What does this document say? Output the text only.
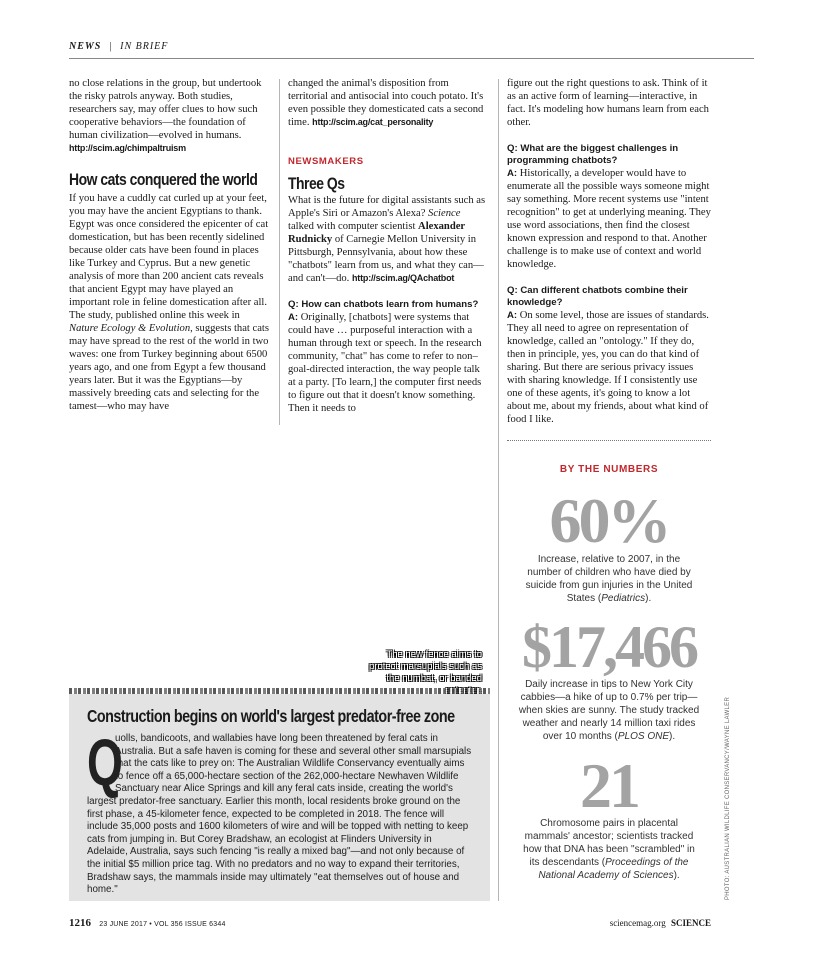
NEWS | IN BRIEF

no close relations in the group, but undertook the risky patrols anyway. Both studies, researchers say, may offer clues to how such cooperative behaviors—the foundation of human civilization—evolved in humans. http://scim.ag/chimpaltruism

How cats conquered the world

If you have a cuddly cat curled up at your feet, you may have the ancient Egyptians to thank. Egypt was once considered the epicenter of cat domestication, but has been recently sidelined because older cats have been found in places like Turkey and Cyprus. But a new genetic analysis of more than 200 ancient cats reveals that ancient Egypt may have played an important role in feline domestication after all. The study, published online this week in Nature Ecology & Evolution, suggests that cats may have spread to the rest of the world in two waves: one from Turkey beginning about 6500 years ago, and one from Egypt a few thousand years later. But it was the Egyptians—by massively breeding cats and selecting for the tamest—who may have

changed the animal's disposition from territorial and antisocial into couch potato. It's even possible they domesticated cats a second time. http://scim.ag/cat_personality

NEWSMAKERS
Three Qs

What is the future for digital assistants such as Apple's Siri or Amazon's Alexa? Science talked with computer scientist Alexander Rudnicky of Carnegie Mellon University in Pittsburgh, Pennsylvania, about how these "chatbots" learn from us, and what they can—and can't—do. http://scim.ag/QAchatbot

Q: How can chatbots learn from humans?

A: Originally, [chatbots] were systems that could have … purposeful interaction with a human through text or speech. In the research community, "chat" has come to refer to non–goal-directed interaction, the way people talk at a party. [To learn,] the computer first needs to figure out that it doesn't know something. Then it needs to

figure out the right questions to ask. Think of it as an active form of learning—interactive, in fact. It's modeling how humans learn from each other.

Q: What are the biggest challenges in programming chatbots?

A: Historically, a developer would have to enumerate all the possible ways someone might say something. More recent systems use "intent recognition" to get at underlying meaning. They use word associations, then find the closest known expression and respond to that. Another challenge is to make use of context and world knowledge.

Q: Can different chatbots combine their knowledge?

A: On some level, those are issues of standards. They all need to agree on representation of knowledge, called an "ontology." If they do, then in principle, yes, you can do that kind of sharing. But there are serious privacy issues with sharing knowledge. If I consistently use one of these agents, it's going to know a lot about me, about my friends, about what kind of food I like.

BY THE NUMBERS
60%
Increase, relative to 2007, in the number of children who have died by suicide from gun injuries in the United States (Pediatrics).
$17,466
Daily increase in tips to New York City cabbies—a hike of up to 0.7% per trip—when skies are sunny. The study tracked weather and nearly 14 million taxi rides over 10 months (PLOS ONE).
21
Chromosome pairs in placental mammals' ancestor; scientists tracked how that DNA has been "scrambled" in its descendants (Proceedings of the National Academy of Sciences).
The new fence aims to protect marsupials such as the numbat, or banded
Construction begins on world's largest predator-free zone
Q
uolls, bandicoots, and wallabies have long been threatened by feral cats in Australia. But a safe haven is coming for these and several other small marsupials that the cats like to prey on: The Australian Wildlife Conservancy eventually aims to fence off a 65,000-hectare section of the 262,000-hectare Newhaven Wildlife Sanctuary near Alice Springs and kill any feral cats inside, creating the world's largest predator-free sanctuary. Earlier this month, local residents broke ground on the first phase, a 45-kilometer fence, expected to be completed in 2018. The fence will include 35,000 posts and 1600 kilometers of wire and will be topped with netting to keep cats from jumping in. But Corey Bradshaw, an ecologist at Flinders University in Adelaide, Australia, says such fencing "is really a mixed bag"—and not only because of the initial $5 million price tag. With no predators and no way to expand their territories, Bradshaw says, the mammals inside may ultimately "eat themselves out of house and home."	PHOTO: AUSTRALIAN WILDLIFE CONSERVANCY/WAYNE LAWLER
1216 23 JUNE 2017 • VOL 356 ISSUE 6344	sciencemag.org SCIENCE
